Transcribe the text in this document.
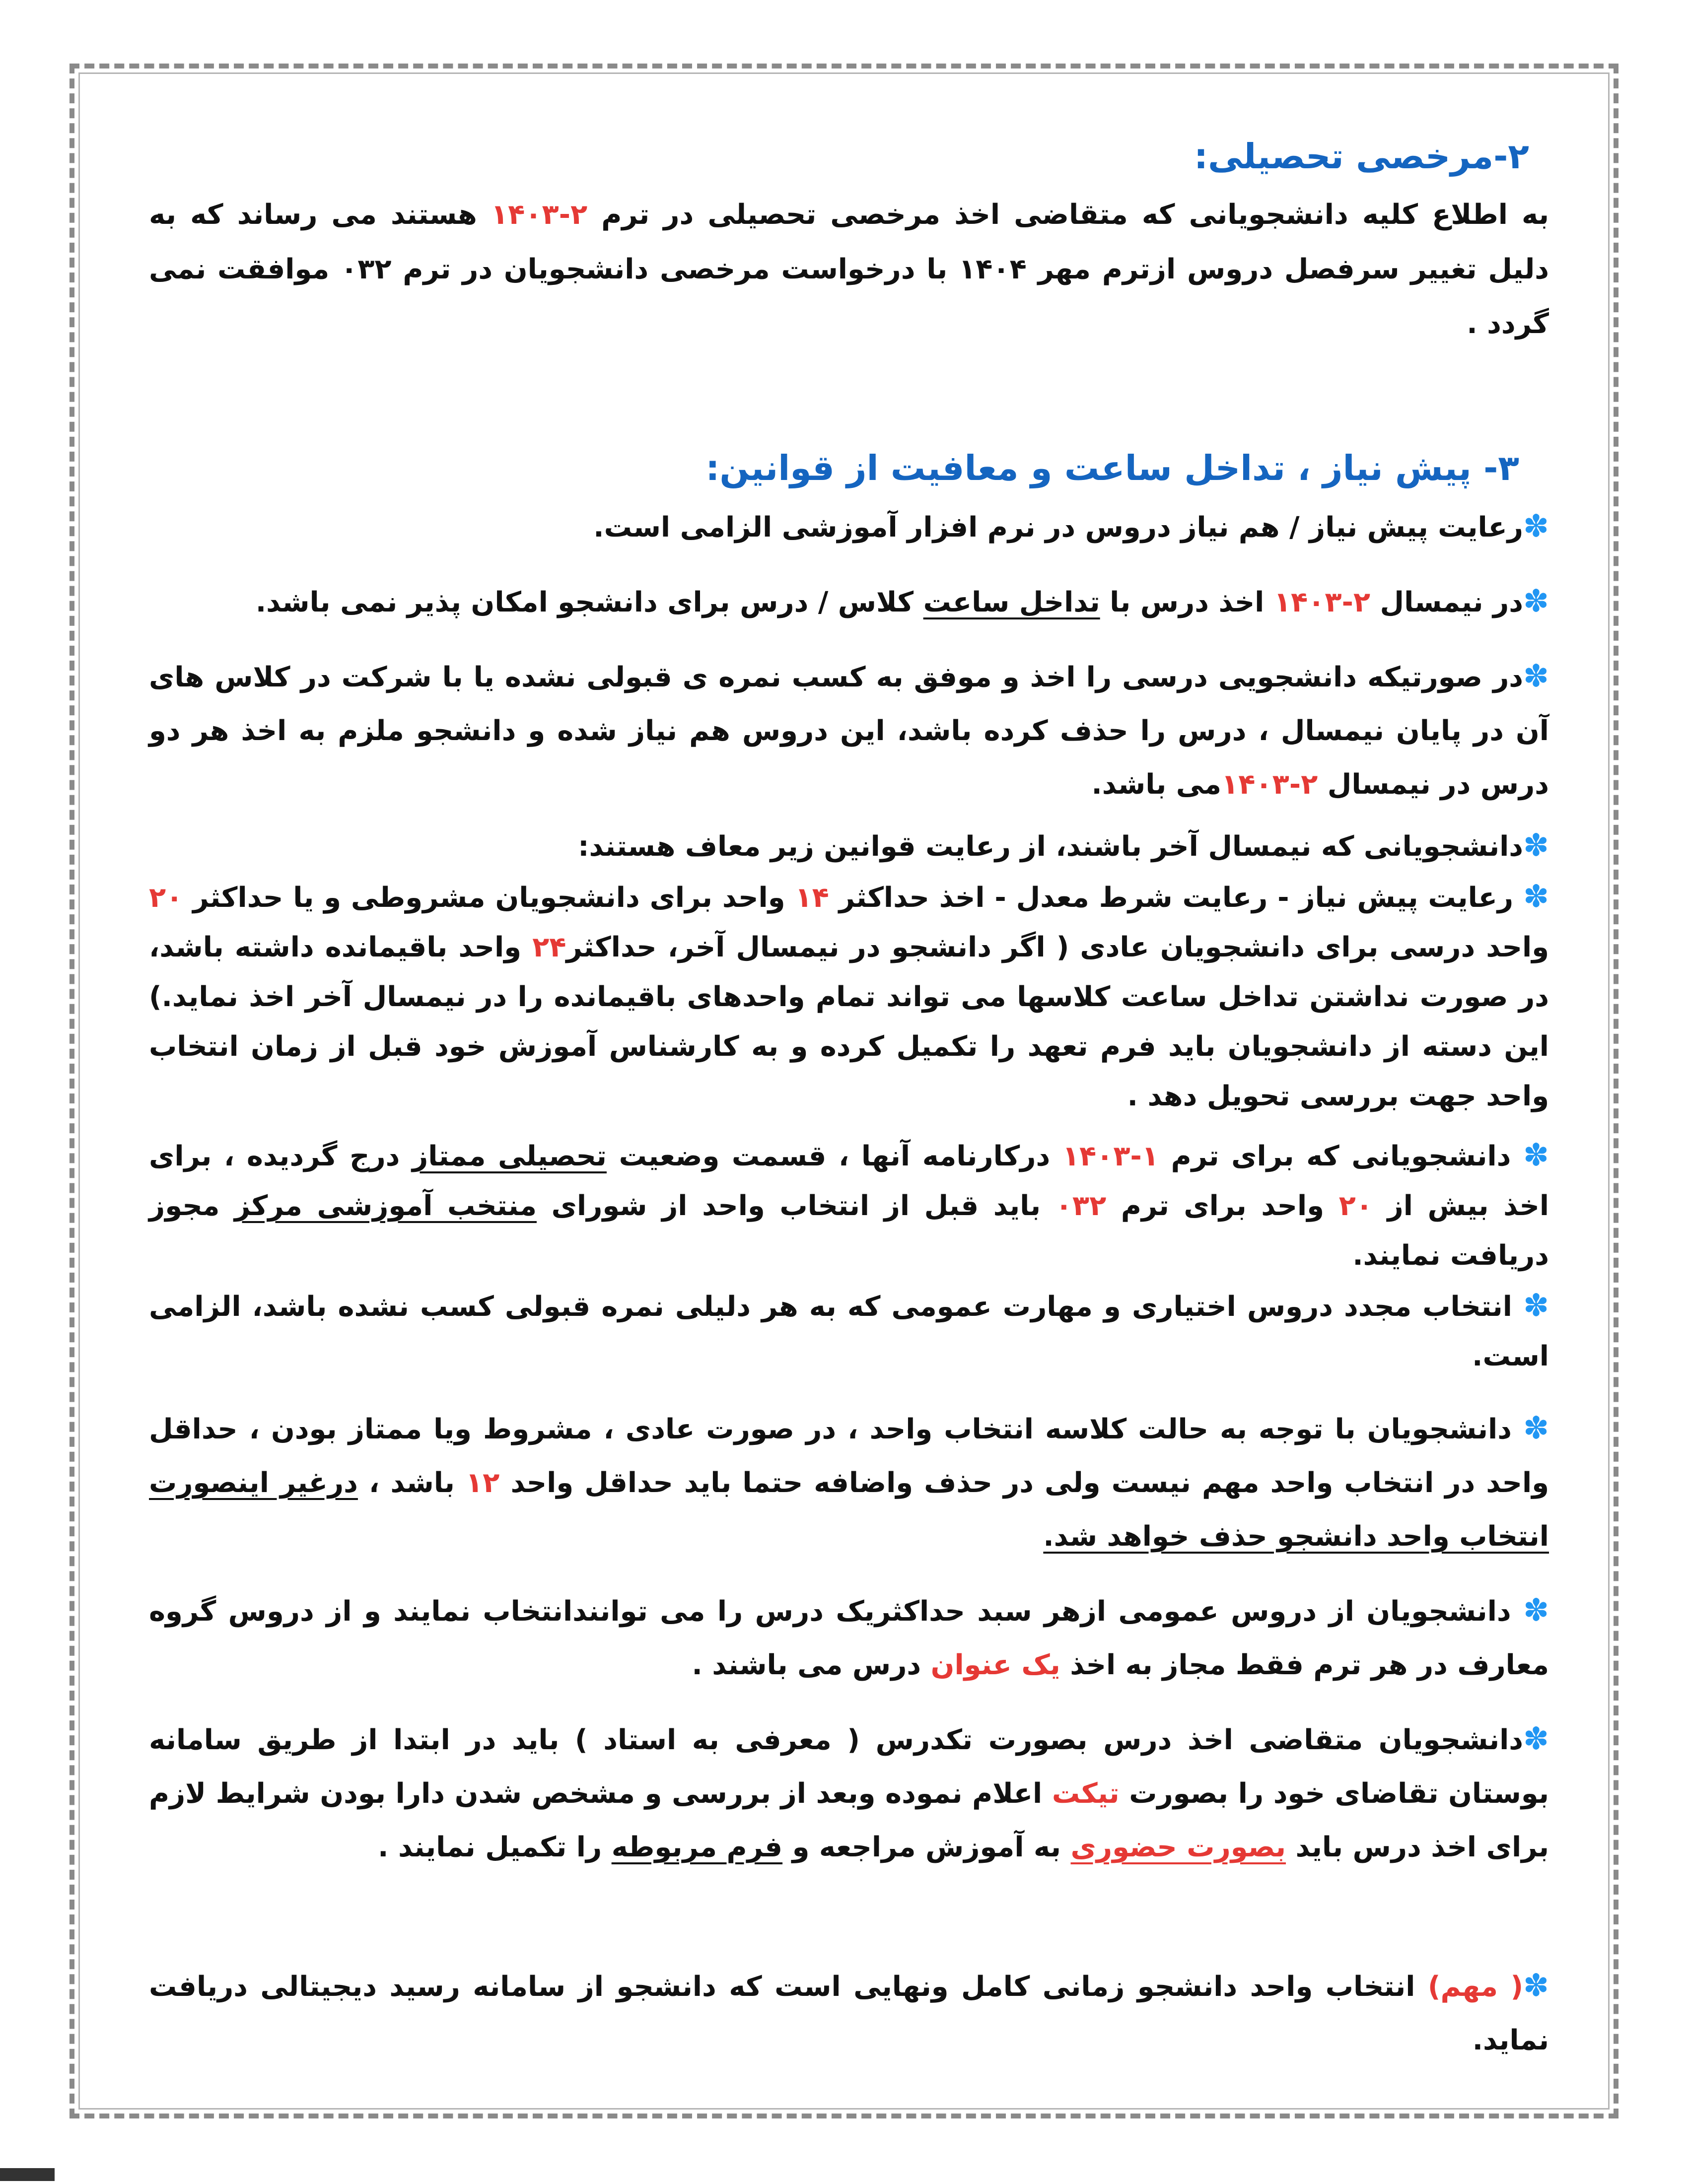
۲-مرخصی تحصیلی:

به اطلاع کلیه دانشجویانی که متقاضی اخذ مرخصی تحصیلی در ترم ۲-۱۴۰۳ هستند می رساند که به دلیل تغییر سرفصل دروس ازترم مهر ۱۴۰۴ با درخواست مرخصی دانشجویان در ترم ۰۳۲ موافقت نمی گردد .

۳- پیش نیاز ، تداخل ساعت و معافیت از قوانین:

✽رعایت پیش نیاز / هم نیاز دروس در نرم افزار آموزشی الزامی است.

✽در نیمسال ۲-۱۴۰۳ اخذ درس با تداخل ساعت کلاس / درس برای دانشجو امکان پذیر نمی باشد.

✽در صورتیکه دانشجویی درسی را اخذ و موفق به کسب نمره ی قبولی نشده یا با شرکت در کلاس های آن در پایان نیمسال ، درس را حذف کرده باشد، این دروس هم نیاز شده و دانشجو ملزم به اخذ هر دو درس در نیمسال ۲-۱۴۰۳می باشد.

✽دانشجویانی که نیمسال آخر باشند، از رعایت قوانین زیر معاف هستند:

✽ رعایت پیش نیاز - رعایت شرط معدل - اخذ حداکثر ۱۴ واحد برای دانشجویان مشروطی و یا حداکثر ۲۰ واحد درسی برای دانشجویان عادی ( اگر دانشجو در نیمسال آخر، حداکثر۲۴ واحد باقیمانده داشته باشد، در صورت نداشتن تداخل ساعت کلاسها می تواند تمام واحدهای باقیمانده را در نیمسال آخر اخذ نماید.) این دسته از دانشجویان باید فرم تعهد را تکمیل کرده و به کارشناس آموزش خود قبل از زمان انتخاب واحد جهت بررسی تحویل دهد .

✽ دانشجویانی که برای ترم ۱-۱۴۰۳ درکارنامه آنها ، قسمت وضعیت تحصیلی ممتاز درج گردیده ، برای اخذ بیش از ۲۰ واحد برای ترم ۰۳۲ باید قبل از انتخاب واحد از شورای منتخب آموزشی مرکز مجوز دریافت نمایند.

✽ انتخاب مجدد دروس اختیاری و مهارت عمومی که به هر دلیلی نمره قبولی کسب نشده باشد، الزامی است.

✽ دانشجویان با توجه به حالت کلاسه انتخاب واحد ، در صورت عادی ، مشروط ویا ممتاز بودن ، حداقل واحد در انتخاب واحد مهم نیست ولی در حذف واضافه حتما باید حداقل واحد ۱۲ باشد ، درغیر اینصورت انتخاب واحد دانشجو حذف خواهد شد.

✽ دانشجویان از دروس عمومی ازهر سبد حداکثریک درس را می توانندانتخاب نمایند و از دروس گروه معارف در هر ترم فقط مجاز به اخذ یک عنوان درس می باشند .

✽دانشجویان متقاضی اخذ درس بصورت تکدرس ( معرفی به استاد ) باید در ابتدا از طریق سامانه بوستان تقاضای خود را بصورت تیکت اعلام نموده وبعد از بررسی و مشخص شدن دارا بودن شرایط لازم برای اخذ درس باید بصورت حضوری به آموزش مراجعه و فرم مربوطه را تکمیل نمایند .

✽( مهم) انتخاب واحد دانشجو زمانی کامل ونهایی است که دانشجو از سامانه رسید دیجیتالی دریافت نماید.
